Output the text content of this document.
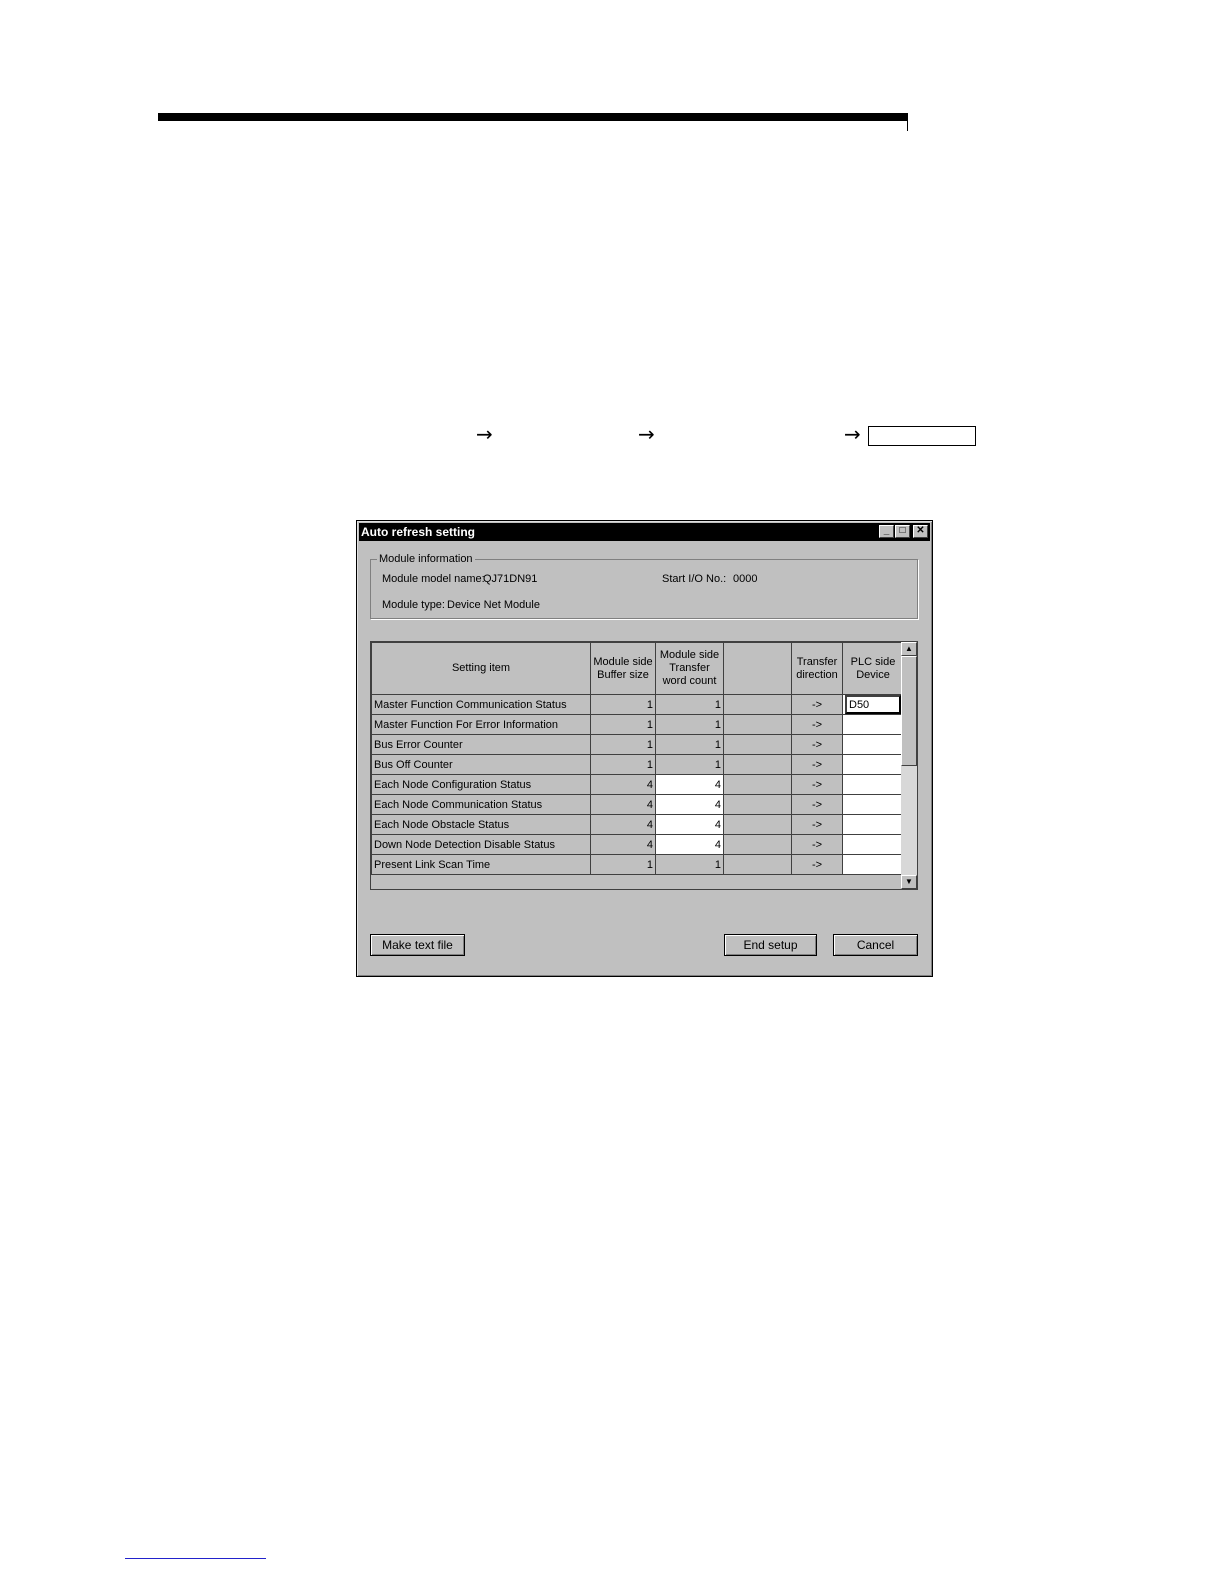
→	→	→
Auto refresh setting	_	□	✕
Module information
Module model name:
QJ71DN91	Start I/O No.: 0000
Module type: Device Net Module
Setting item	Module side Buffer size	Module side Transfer word count		Transfer direction	PLC side Device
Master Function Communication Status	1	1		->	D50
Master Function For Error Information	1	1		->	
Bus Error Counter	1	1		->	
Bus Off Counter	1	1		->	
Each Node Configuration Status	4	4		->	
Each Node Communication Status	4	4		->	
Each Node Obstacle Status	4	4		->	
Down Node Detection Disable Status	4	4		->	
Present Link Scan Time	1	1		->	
▲
▼
Make text file	End setup	Cancel
